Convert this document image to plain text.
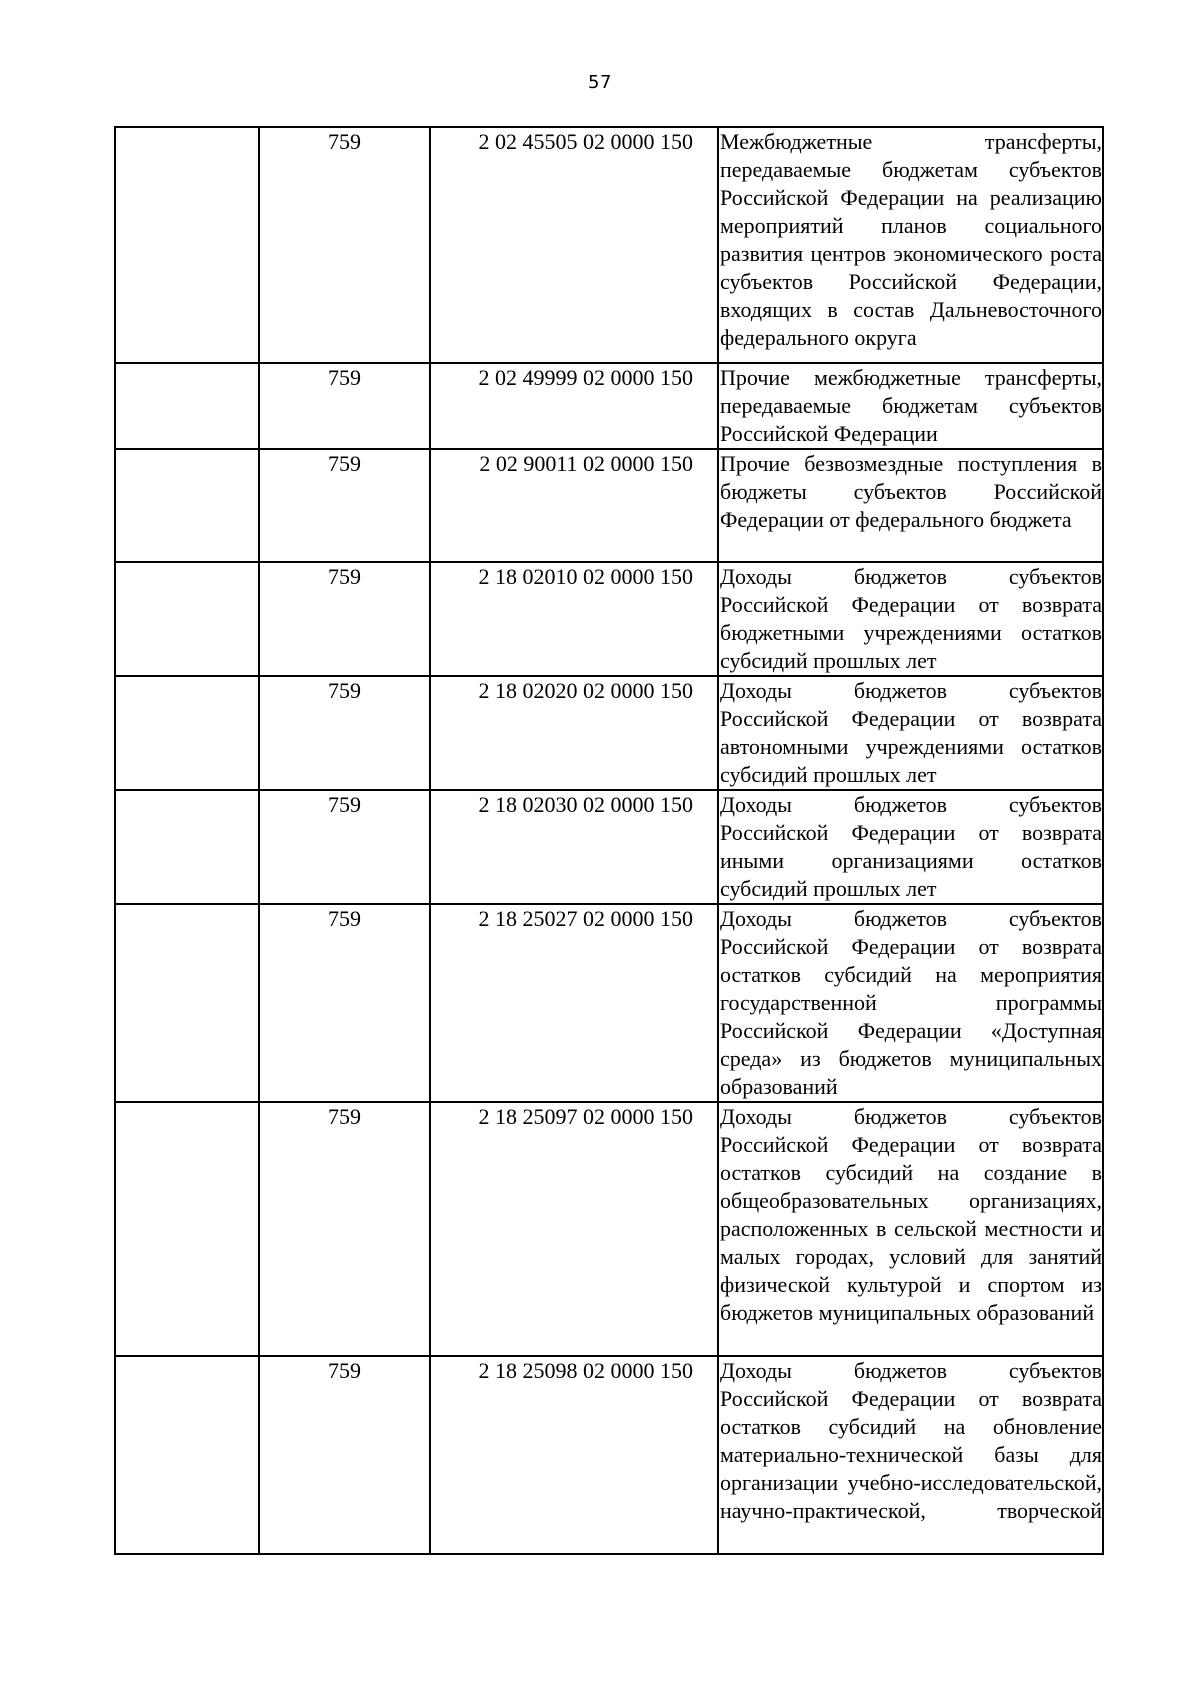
57
	759	2 02 45505 02 0000 150	Межбюджетные трансферты, передаваемые бюджетам субъектов Российской Федерации на реализацию мероприятий планов социального развития центров экономического роста субъектов Российской Федерации, входящих в состав Дальневосточного федерального округа

	759	2 02 49999 02 0000 150	Прочие межбюджетные трансферты, передаваемые бюджетам субъектов Российской Федерации

	759	2 02 90011 02 0000 150	Прочие безвозмездные поступления в бюджеты субъектов Российской Федерации от федерального бюджета

	759	2 18 02010 02 0000 150	Доходы бюджетов субъектов Российской Федерации от возврата бюджетными учреждениями остатков субсидий прошлых лет

	759	2 18 02020 02 0000 150	Доходы бюджетов субъектов Российской Федерации от возврата автономными учреждениями остатков субсидий прошлых лет

	759	2 18 02030 02 0000 150	Доходы бюджетов субъектов Российской Федерации от возврата иными организациями остатков субсидий прошлых лет

	759	2 18 25027 02 0000 150	Доходы бюджетов субъектов Российской Федерации от возврата остатков субсидий на мероприятия государственной программы Российской Федерации «Доступная среда» из бюджетов муниципальных образований

	759	2 18 25097 02 0000 150	Доходы бюджетов субъектов Российской Федерации от возврата остатков субсидий на создание в общеобразовательных организациях, расположенных в сельской местности и малых городах, условий для занятий физической культурой и спортом из бюджетов муниципальных образований

	759	2 18 25098 02 0000 150	Доходы бюджетов субъектов Российской Федерации от возврата остатков субсидий на обновление материально-технической базы для организации учебно-исследовательской, научно-практической, творческой
